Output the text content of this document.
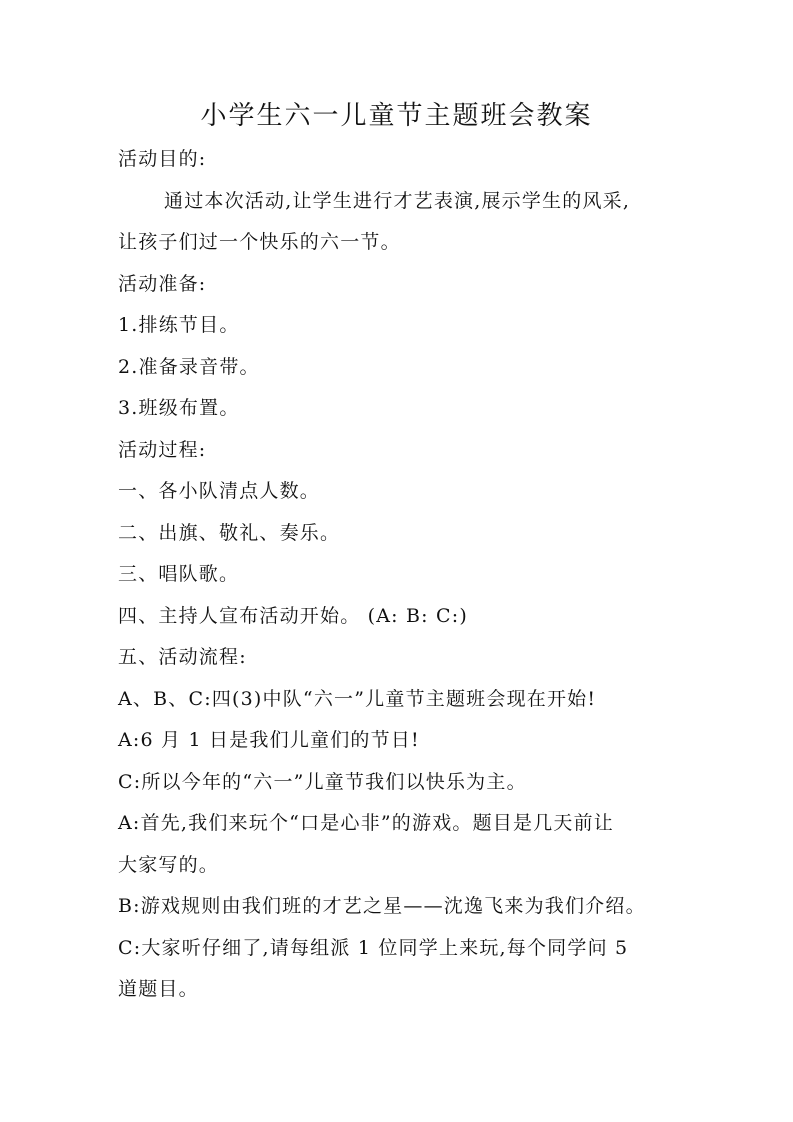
小学生六一儿童节主题班会教案
活动目的:
通过本次活动,让学生进行才艺表演,展示学生的风采,
让孩子们过一个快乐的六一节。
活动准备:
1.排练节目。
2.准备录音带。
3.班级布置。
活动过程:
一、各小队清点人数。
二、出旗、敬礼、奏乐。
三、唱队歌。
四、主持人宣布活动开始。 (A: B: C:)
五、活动流程:
A、B、C:四(3)中队“六一”儿童节主题班会现在开始!
A:6 月 1 日是我们儿童们的节日!
C:所以今年的“六一”儿童节我们以快乐为主。
A:首先,我们来玩个“口是心非”的游戏。题目是几天前让
大家写的。
B:游戏规则由我们班的才艺之星——沈逸飞来为我们介绍。
C:大家听仔细了,请每组派 1 位同学上来玩,每个同学问 5
道题目。
